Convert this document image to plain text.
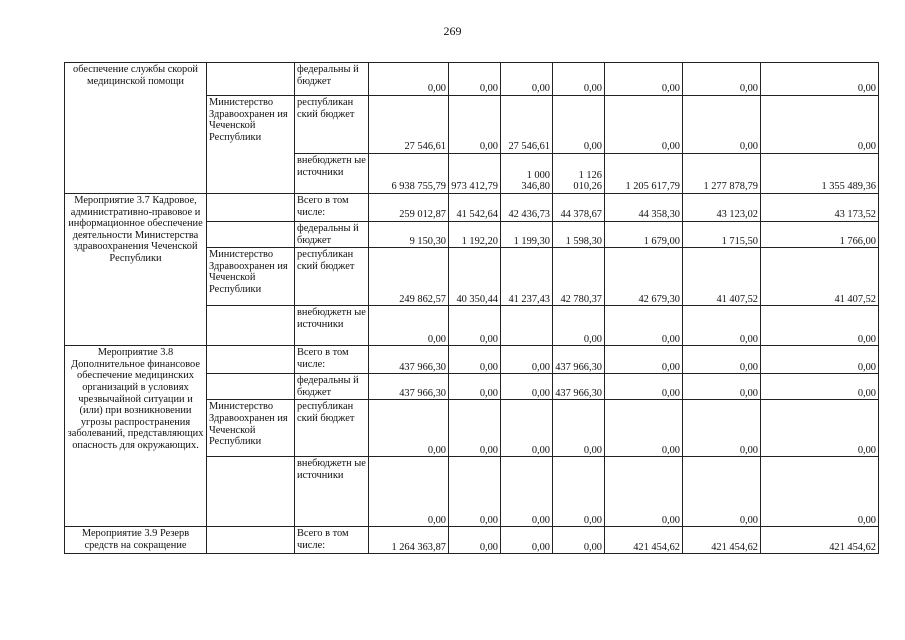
269
обеспечение службы скорой медицинской помощи		федеральны й бюджет	0,00	0,00	0,00	0,00	0,00	0,00	0,00
	Министерство Здравоохранен ия Чеченской Республики	республикан ский бюджет	27 546,61	0,00	27 546,61	0,00	0,00	0,00	0,00
		внебюджетн ые источники	6 938 755,79	973 412,79	1 000 346,80	1 126 010,26	1 205 617,79	1 277 878,79	1 355 489,36
Мероприятие 3.7 Кадровое, административно-правовое и информационное обеспечение деятельности Министерства здравоохранения Чеченской Республики		Всего в том числе:	259 012,87	41 542,64	42 436,73	44 378,67	44 358,30	43 123,02	43 173,52
		федеральны й бюджет	9 150,30	1 192,20	1 199,30	1 598,30	1 679,00	1 715,50	1 766,00
	Министерство Здравоохранен ия Чеченской Республики	республикан ский бюджет	249 862,57	40 350,44	41 237,43	42 780,37	42 679,30	41 407,52	41 407,52
		внебюджетн ые источники	0,00	0,00		0,00	0,00	0,00	0,00
Мероприятие 3.8 Дополнительное финансовое обеспечение медицинских организаций в условиях чрезвычайной ситуации и (или) при возникновении угрозы распространения заболеваний, представляющих опасность для окружающих.		Всего в том числе:	437 966,30	0,00	0,00	437 966,30	0,00	0,00	0,00
		федеральны й бюджет	437 966,30	0,00	0,00	437 966,30	0,00	0,00	0,00
	Министерство Здравоохранен ия Чеченской Республики	республикан ский бюджет	0,00	0,00	0,00	0,00	0,00	0,00	0,00
		внебюджетн ые источники	0,00	0,00	0,00	0,00	0,00	0,00	0,00
Мероприятие 3.9 Резерв средств на сокращение		Всего в том числе:	1 264 363,87	0,00	0,00	0,00	421 454,62	421 454,62	421 454,62
